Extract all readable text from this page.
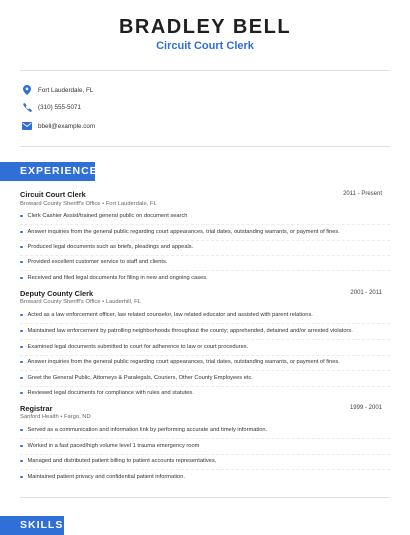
BRADLEY BELL
Circuit Court Clerk
Fort Lauderdale, FL
(310) 555-5071
bbell@example.com
EXPERIENCE
Circuit Court Clerk	2011 - Present
Broward County Sheriff's Office • Fort Lauderdale, FL
Clerk Cashier Assist/trained general public on document search
Answer inquiries from the general public regarding court appearances, trial dates, outstanding warrants, or payment of fines.
Produced legal documents such as briefs, pleadings and appeals.
Provided excellent customer service to staff and clients.
Received and filed legal documents for filing in new and ongoing cases.
Deputy County Clerk	2001 - 2011
Broward County Sheriff's Office • Lauderhill, FL
Acted as a law enforcement officer, law related counselor, law related educator and assisted with parent relations.
Maintained law enforcement by patrolling neighborhoods throughout the county; apprehended, detained and/or arrested violators.
Examined legal documents submitted to court for adherence to law or court procedures.
Answer inquiries from the general public regarding court appearances, trial dates, outstanding warrants, or payment of fines.
Greet the General Public, Attorneys & Paralegals, Couriers, Other County Employees etc.
Reviewed legal documents for compliance with rules and statutes.
Registrar	1999 - 2001
Sanford Health • Fargo, ND
Served as a communication and information link by performing accurate and timely information.
Worked in a fast paced/high volume level 1 trauma emergency room
Managed and distributed patient billing to patient accounts representatives.
Maintained patient privacy and confidential patient information.
SKILLS
